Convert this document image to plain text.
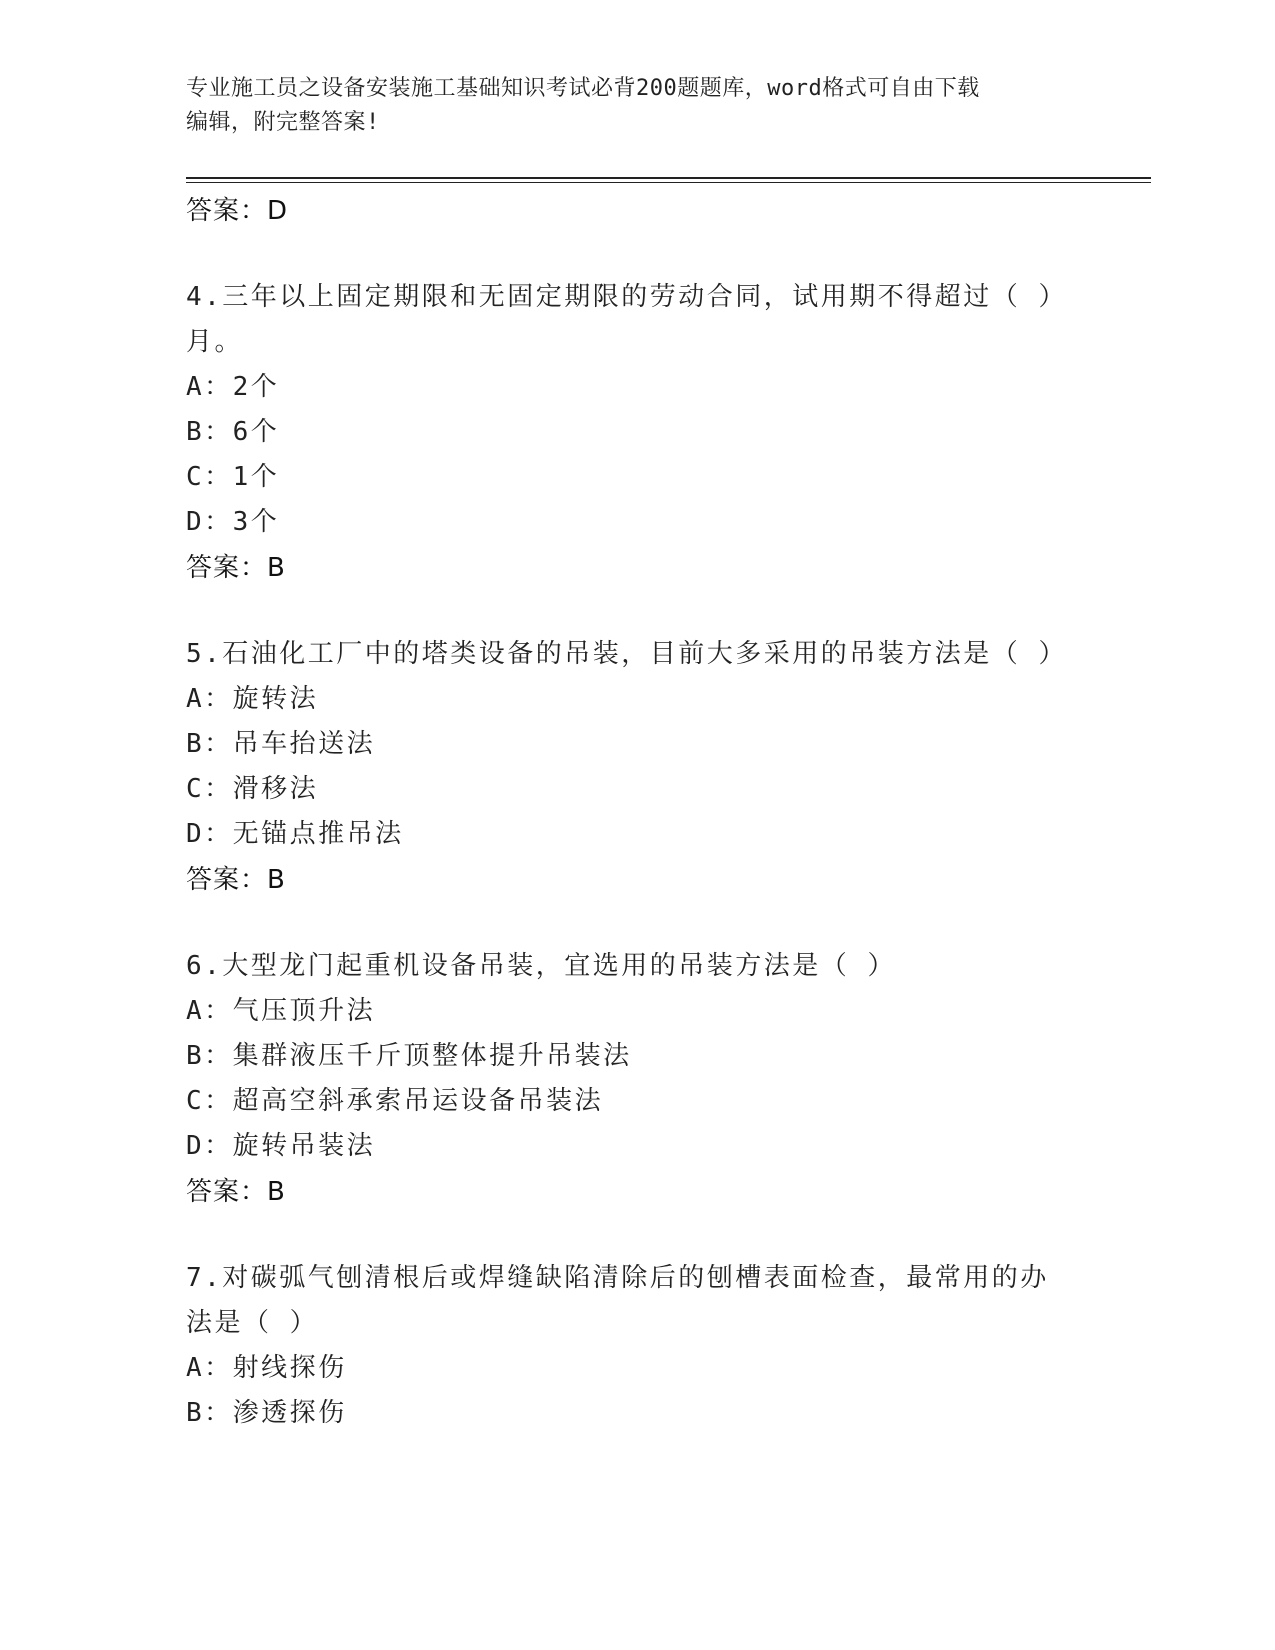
专业施工员之设备安装施工基础知识考试必背200题题库，word格式可自由下载
编辑，附完整答案!
答案：D
4.三年以上固定期限和无固定期限的劳动合同，试用期不得超过（ ）
月。
A：2个
B：6个
C：1个
D：3个
答案：B
5.石油化工厂中的塔类设备的吊装，目前大多采用的吊装方法是（ ）
A：旋转法
B：吊车抬送法
C：滑移法
D：无锚点推吊法
答案：B
6.大型龙门起重机设备吊装，宜选用的吊装方法是（ ）
A：气压顶升法
B：集群液压千斤顶整体提升吊装法
C：超高空斜承索吊运设备吊装法
D：旋转吊装法
答案：B
7.对碳弧气刨清根后或焊缝缺陷清除后的刨槽表面检查，最常用的办
法是（ ）
A：射线探伤
B：渗透探伤
